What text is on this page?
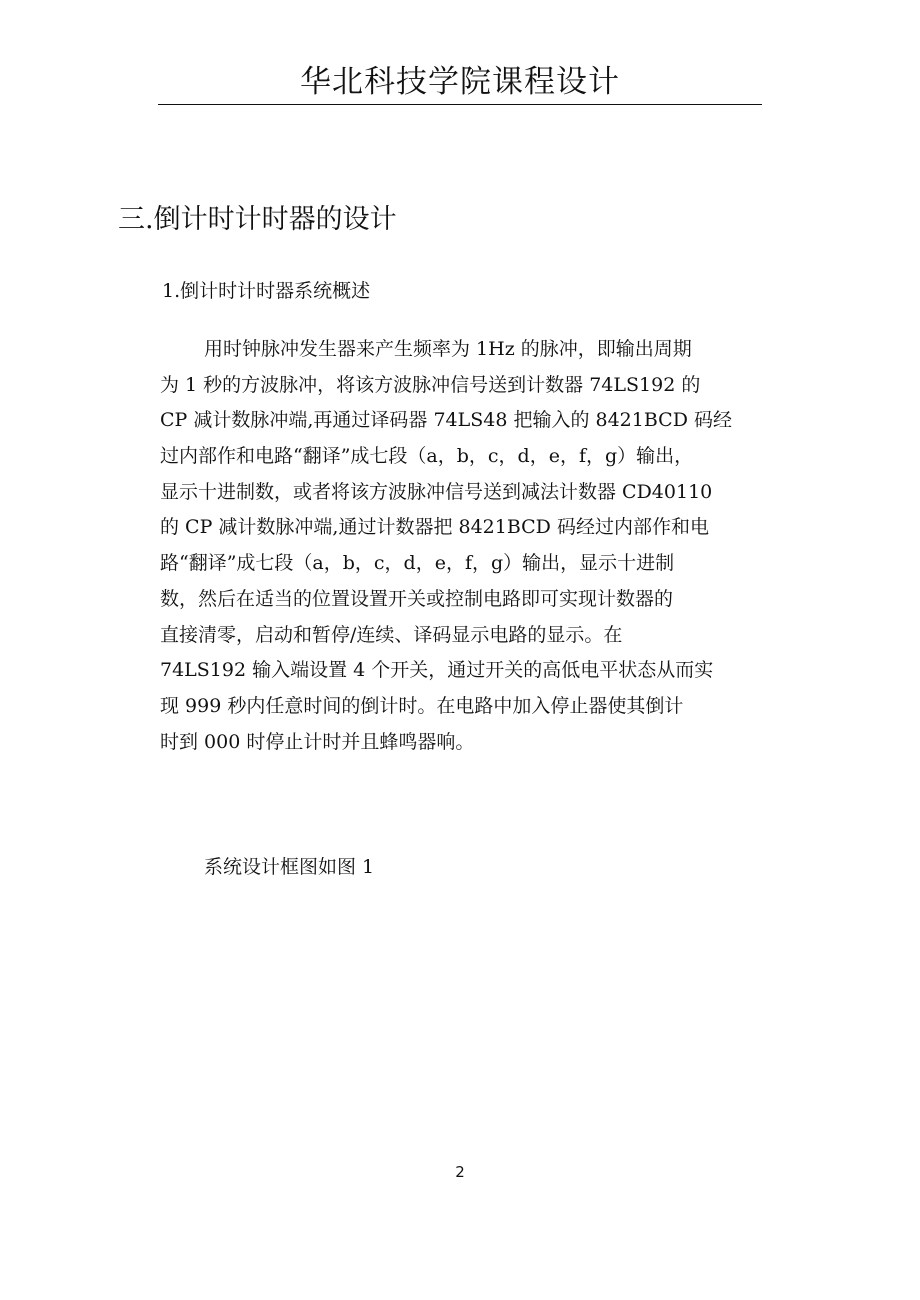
华北科技学院课程设计
三.倒计时计时器的设计
1.倒计时计时器系统概述
用时钟脉冲发生器来产生频率为 1Hz 的脉冲，即输出周期
为 1 秒的方波脉冲，将该方波脉冲信号送到计数器 74LS192 的
CP 减计数脉冲端,再通过译码器 74LS48 把输入的 8421BCD 码经
过内部作和电路“翻译”成七段（a，b，c，d，e，f，g）输出，
显示十进制数，或者将该方波脉冲信号送到减法计数器 CD40110
的 CP 减计数脉冲端,通过计数器把 8421BCD 码经过内部作和电
路“翻译”成七段（a，b，c，d，e，f，g）输出，显示十进制
数，然后在适当的位置设置开关或控制电路即可实现计数器的
直接清零，启动和暂停/连续、译码显示电路的显示。在
74LS192 输入端设置 4 个开关，通过开关的高低电平状态从而实
现 999 秒内任意时间的倒计时。在电路中加入停止器使其倒计
时到 000 时停止计时并且蜂鸣器响。
系统设计框图如图 1
2
